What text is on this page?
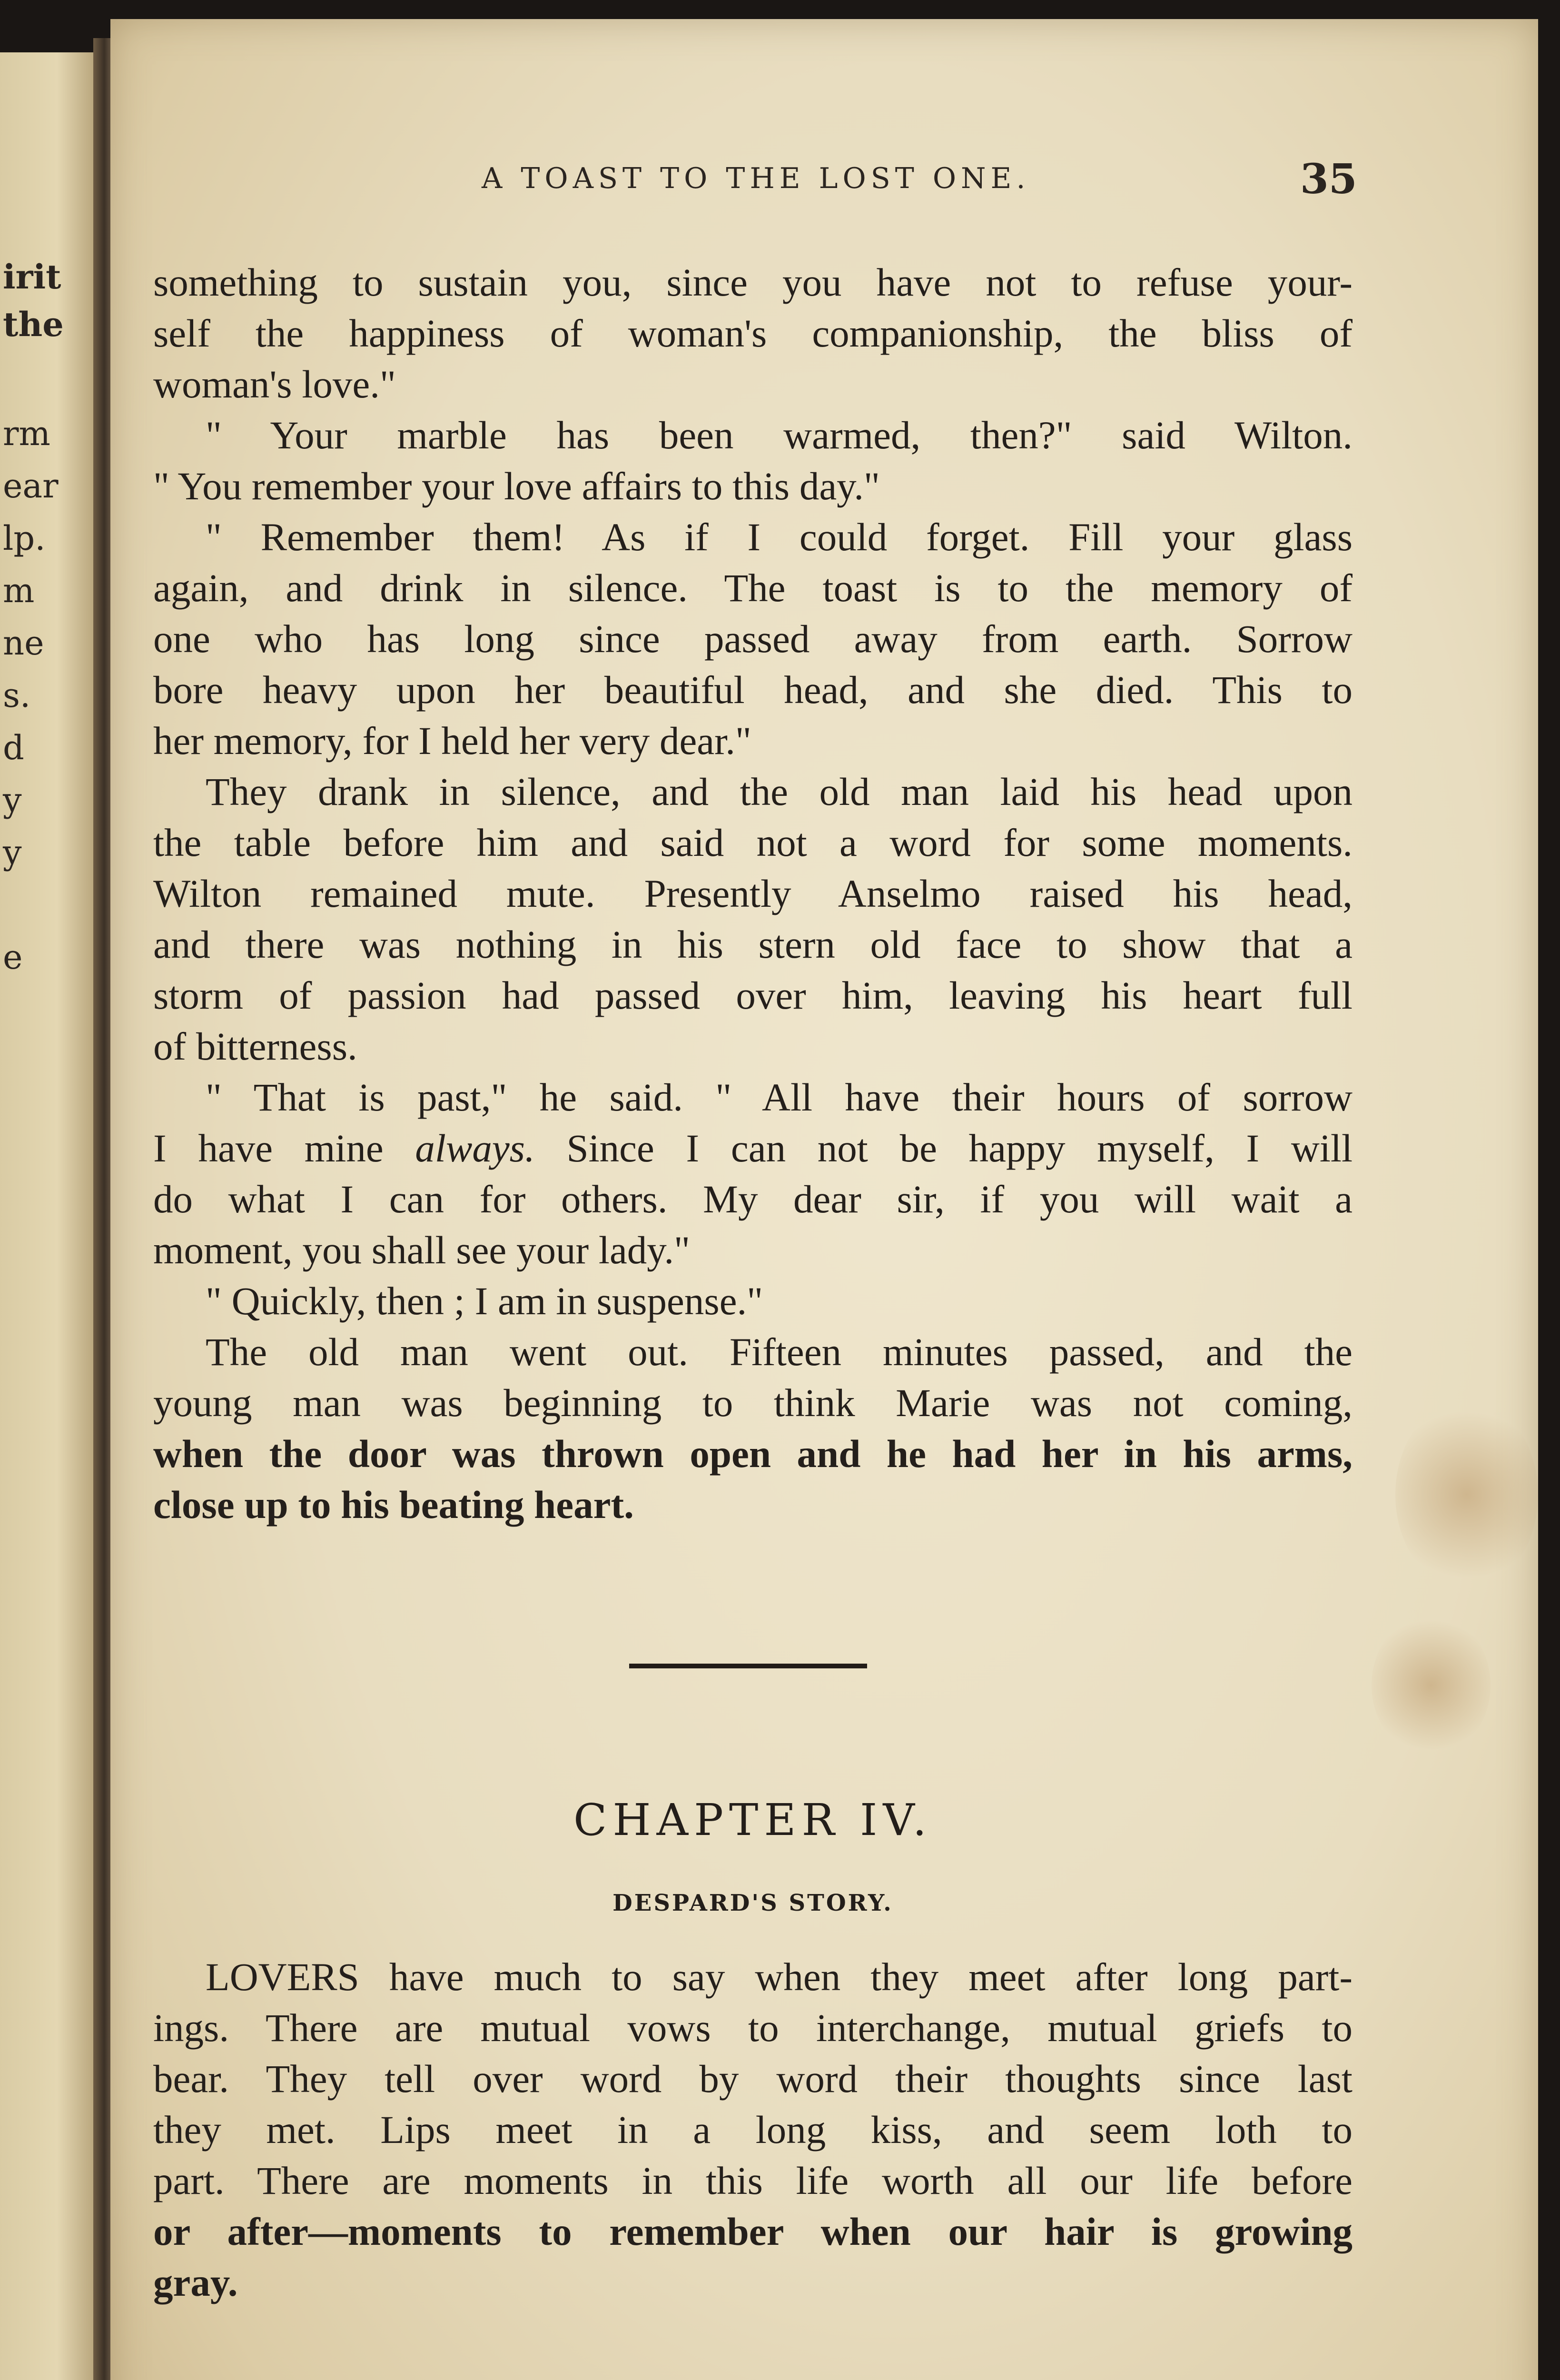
irit
the
rm
ear
lp.
m
ne
s.
d
y
y
e
A TOAST TO THE LOST ONE.	35
something to sustain you, since you have not to refuse your-
self the happiness of woman's companionship, the bliss of
woman's love."
" Your marble has been warmed, then?" said Wilton.
" You remember your love affairs to this day."
" Remember them! As if I could forget. Fill your glass
again, and drink in silence. The toast is to the memory of
one who has long since passed away from earth. Sorrow
bore heavy upon her beautiful head, and she died. This to
her memory, for I held her very dear."
They drank in silence, and the old man laid his head upon
the table before him and said not a word for some moments.
Wilton remained mute. Presently Anselmo raised his head,
and there was nothing in his stern old face to show that a
storm of passion had passed over him, leaving his heart full
of bitterness.
" That is past," he said. " All have their hours of sorrow
I have mine always. Since I can not be happy myself, I will
do what I can for others. My dear sir, if you will wait a
moment, you shall see your lady."
" Quickly, then ; I am in suspense."
The old man went out. Fifteen minutes passed, and the
young man was beginning to think Marie was not coming,
when the door was thrown open and he had her in his arms,
close up to his beating heart.
CHAPTER IV.
DESPARD'S STORY.
LOVERS have much to say when they meet after long part-
ings. There are mutual vows to interchange, mutual griefs to
bear. They tell over word by word their thoughts since last
they met. Lips meet in a long kiss, and seem loth to
part. There are moments in this life worth all our life before
or after—moments to remember when our hair is growing
gray.
